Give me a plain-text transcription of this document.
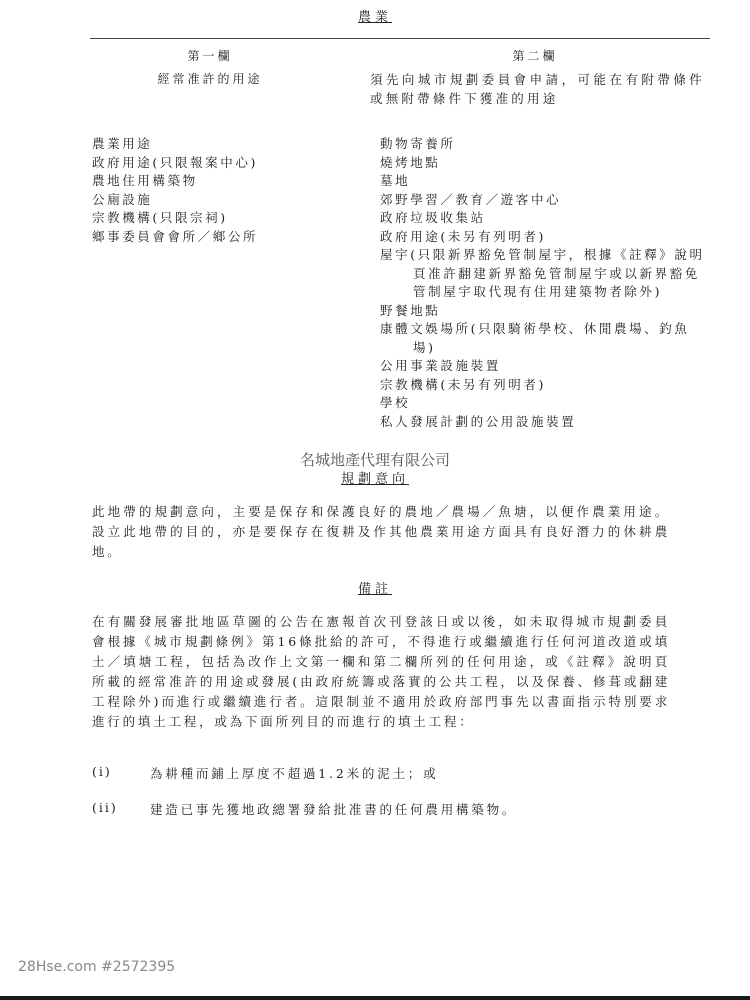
農業
第一欄
經常准許的用途
第二欄
須先向城市規劃委員會申請，可能在有附帶條件或無附帶條件下獲准的用途
農業用途
政府用途(只限報案中心)
農地住用構築物
公廁設施
宗教機構(只限宗祠)
鄉事委員會會所／鄉公所
動物寄養所
燒烤地點
墓地
郊野學習／教育／遊客中心
政府垃圾收集站
政府用途(未另有列明者)
屋宇(只限新界豁免管制屋宇，根據《註釋》說明頁准許翻建新界豁免管制屋宇或以新界豁免管制屋宇取代現有住用建築物者除外)
野餐地點
康體文娛場所(只限騎術學校、休閒農場、釣魚場)
公用事業設施裝置
宗教機構(未另有列明者)
學校
私人發展計劃的公用設施裝置
名城地產代理有限公司
規劃意向
此地帶的規劃意向，主要是保存和保護良好的農地／農場／魚塘，以便作農業用途。設立此地帶的目的，亦是要保存在復耕及作其他農業用途方面具有良好潛力的休耕農地。
備註
在有關發展審批地區草圖的公告在憲報首次刊登該日或以後，如未取得城市規劃委員會根據《城市規劃條例》第16條批給的許可，不得進行或繼續進行任何河道改道或填土／填塘工程，包括為改作上文第一欄和第二欄所列的任何用途，或《註釋》說明頁所載的經常准許的用途或發展(由政府統籌或落實的公共工程，以及保養、修葺或翻建工程除外)而進行或繼續進行者。這限制並不適用於政府部門事先以書面指示特別要求進行的填土工程，或為下面所列目的而進行的填土工程：
(i)	為耕種而鋪上厚度不超過1.2米的泥土；或
(ii)	建造已事先獲地政總署發給批准書的任何農用構築物。
28Hse.com #2572395
